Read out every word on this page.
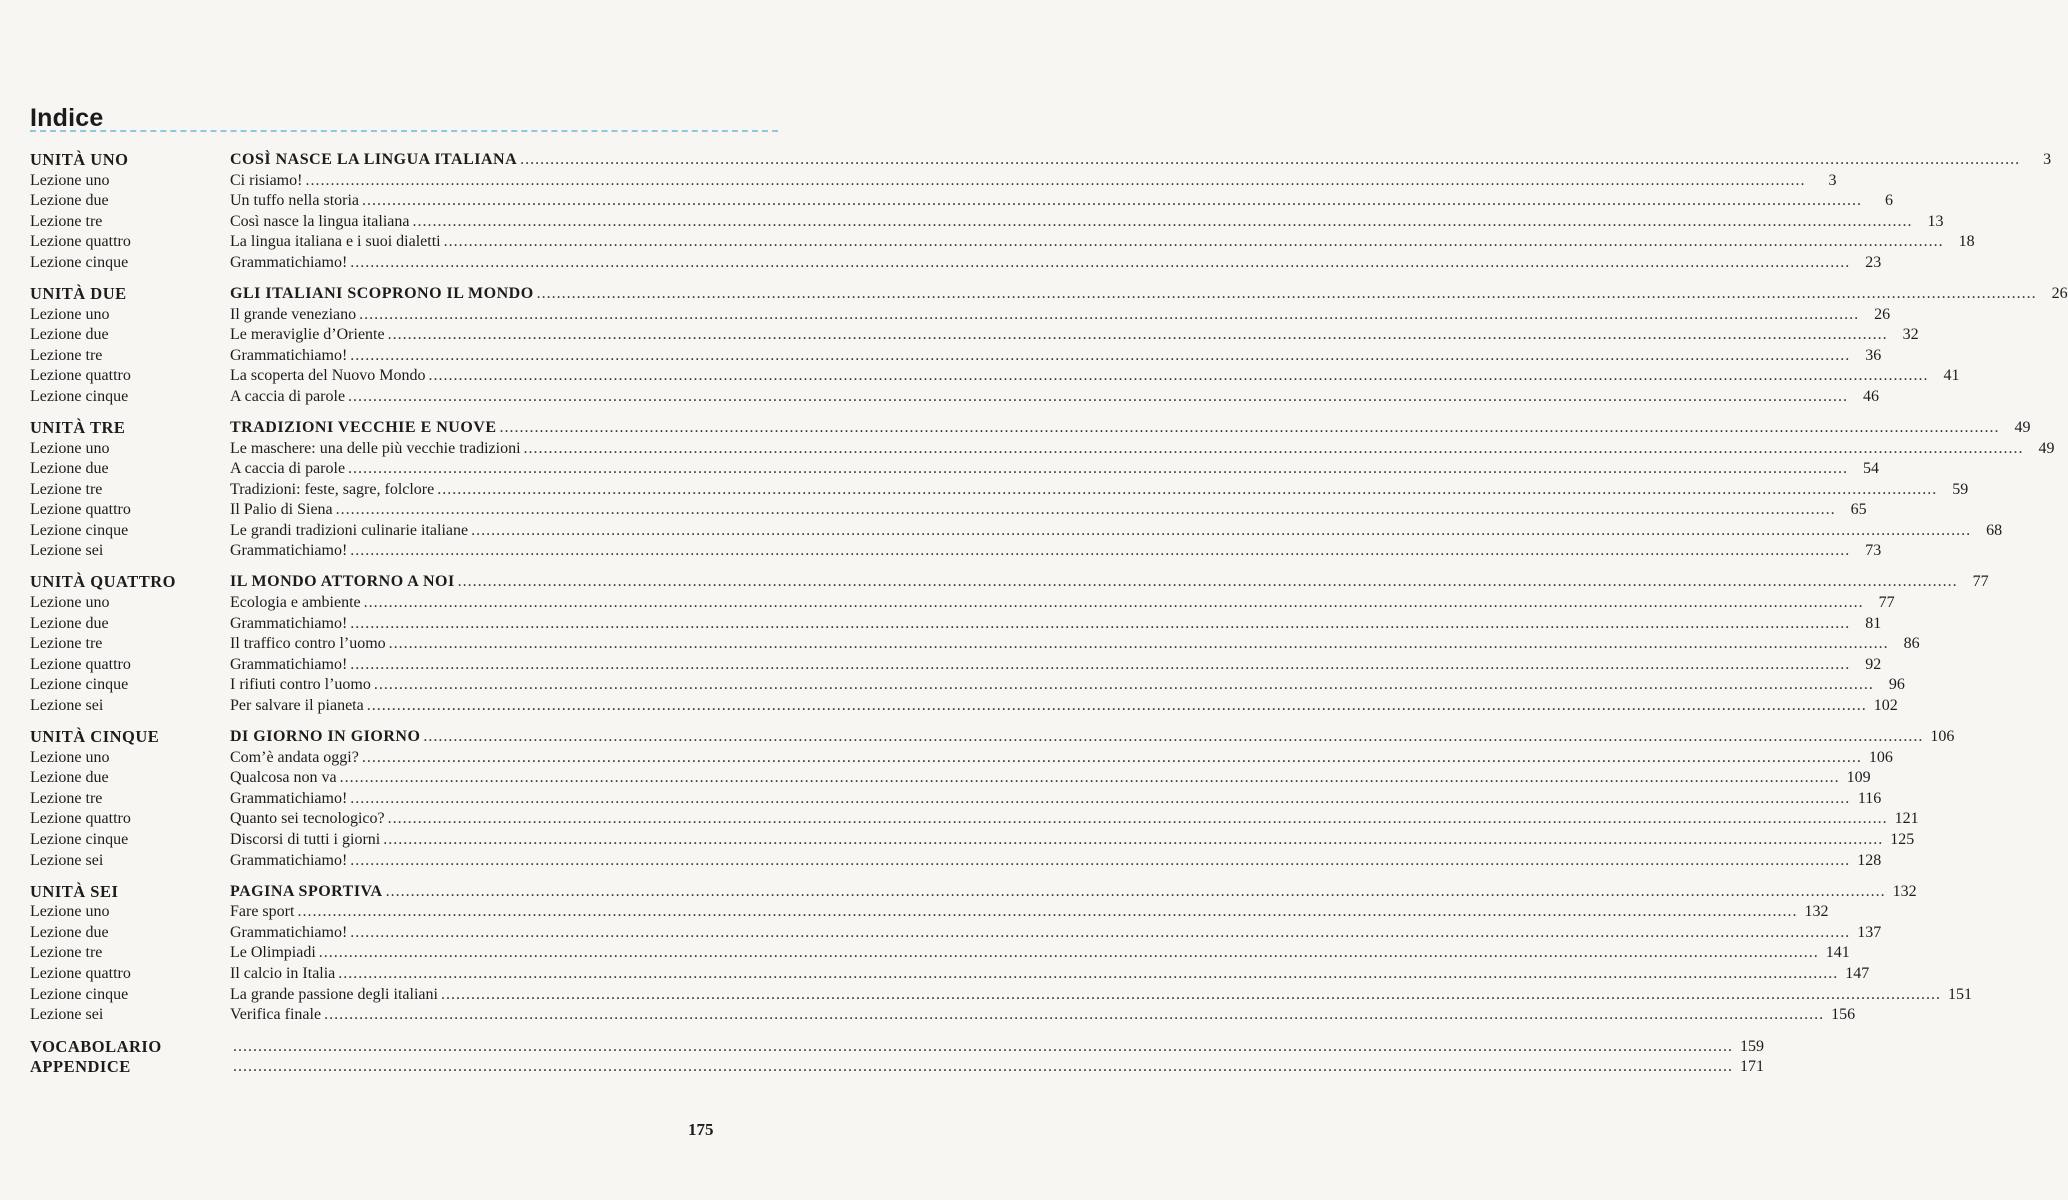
Indice
UNITÀ UNO	COSÌ NASCE LA LINGUA ITALIANA ............................................................................................................................................................................................................................................................................................................	3
Lezione uno	Ci risiamo! ............................................................................................................................................................................................................................................................................................................	3
Lezione due	Un tuffo nella storia ............................................................................................................................................................................................................................................................................................................	6
Lezione tre	Così nasce la lingua italiana ............................................................................................................................................................................................................................................................................................................ 13
Lezione quattro	La lingua italiana e i suoi dialetti ............................................................................................................................................................................................................................................................................................................ 18
Lezione cinque	Grammatichiamo! ............................................................................................................................................................................................................................................................................................................ 23
UNITÀ DUE	GLI ITALIANI SCOPRONO IL MONDO ............................................................................................................................................................................................................................................................................................................ 26
Lezione uno	Il grande veneziano ............................................................................................................................................................................................................................................................................................................ 26
Lezione due	Le meraviglie d’Oriente ............................................................................................................................................................................................................................................................................................................ 32
Lezione tre	Grammatichiamo! ............................................................................................................................................................................................................................................................................................................ 36
Lezione quattro	La scoperta del Nuovo Mondo ............................................................................................................................................................................................................................................................................................................ 41
Lezione cinque	A caccia di parole ............................................................................................................................................................................................................................................................................................................ 46
UNITÀ TRE	TRADIZIONI VECCHIE E NUOVE ............................................................................................................................................................................................................................................................................................................ 49
Lezione uno	Le maschere: una delle più vecchie tradizioni ............................................................................................................................................................................................................................................................................................................ 49
Lezione due	A caccia di parole ............................................................................................................................................................................................................................................................................................................ 54
Lezione tre	Tradizioni: feste, sagre, folclore ............................................................................................................................................................................................................................................................................................................ 59
Lezione quattro	Il Palio di Siena ............................................................................................................................................................................................................................................................................................................ 65
Lezione cinque	Le grandi tradizioni culinarie italiane ............................................................................................................................................................................................................................................................................................................ 68
Lezione sei	Grammatichiamo! ............................................................................................................................................................................................................................................................................................................ 73
UNITÀ QUATTRO	IL MONDO ATTORNO A NOI ............................................................................................................................................................................................................................................................................................................ 77
Lezione uno	Ecologia e ambiente ............................................................................................................................................................................................................................................................................................................ 77
Lezione due	Grammatichiamo! ............................................................................................................................................................................................................................................................................................................ 81
Lezione tre	Il traffico contro l’uomo ............................................................................................................................................................................................................................................................................................................ 86
Lezione quattro	Grammatichiamo! ............................................................................................................................................................................................................................................................................................................ 92
Lezione cinque	I rifiuti contro l’uomo ............................................................................................................................................................................................................................................................................................................ 96
Lezione sei	Per salvare il pianeta ............................................................................................................................................................................................................................................................................................................ 102
UNITÀ CINQUE	DI GIORNO IN GIORNO ............................................................................................................................................................................................................................................................................................................ 106
Lezione uno	Com’è andata oggi? ............................................................................................................................................................................................................................................................................................................ 106
Lezione due	Qualcosa non va ............................................................................................................................................................................................................................................................................................................ 109
Lezione tre	Grammatichiamo! ............................................................................................................................................................................................................................................................................................................ 116
Lezione quattro	Quanto sei tecnologico? ............................................................................................................................................................................................................................................................................................................ 121
Lezione cinque	Discorsi di tutti i giorni ............................................................................................................................................................................................................................................................................................................ 125
Lezione sei	Grammatichiamo! ............................................................................................................................................................................................................................................................................................................ 128
UNITÀ SEI	PAGINA SPORTIVA ............................................................................................................................................................................................................................................................................................................ 132
Lezione uno	Fare sport ............................................................................................................................................................................................................................................................................................................ 132
Lezione due	Grammatichiamo! ............................................................................................................................................................................................................................................................................................................ 137
Lezione tre	Le Olimpiadi ............................................................................................................................................................................................................................................................................................................ 141
Lezione quattro	Il calcio in Italia ............................................................................................................................................................................................................................................................................................................ 147
Lezione cinque	La grande passione degli italiani ............................................................................................................................................................................................................................................................................................................ 151
Lezione sei	Verifica finale ............................................................................................................................................................................................................................................................................................................ 156
VOCABOLARIO	............................................................................................................................................................................................................................................................................................................ 159
APPENDICE	............................................................................................................................................................................................................................................................................................................ 171
175
